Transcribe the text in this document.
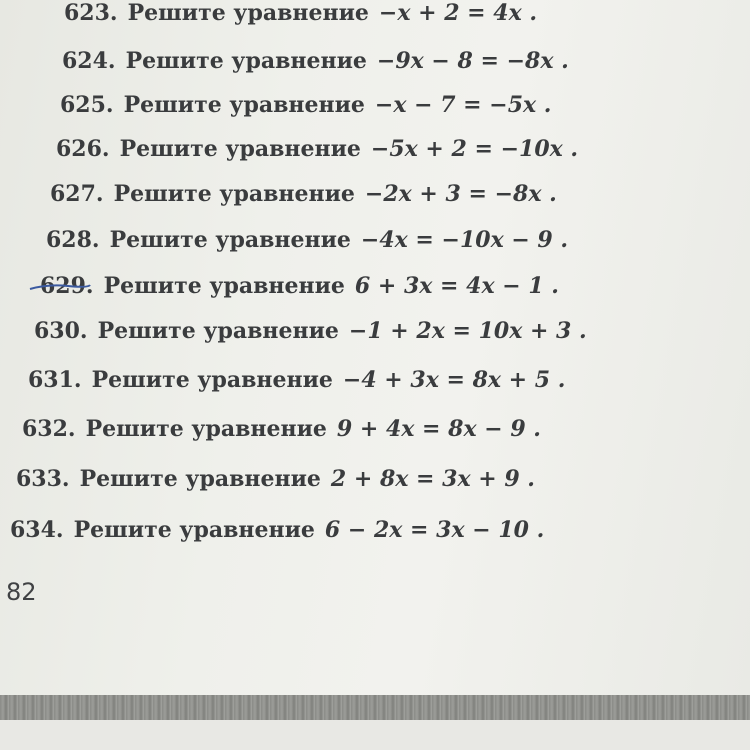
623. Решите уравнение −x + 2 = 4x .
624. Решите уравнение −9x − 8 = −8x .
625. Решите уравнение −x − 7 = −5x .
626. Решите уравнение −5x + 2 = −10x .
627. Решите уравнение −2x + 3 = −8x .
628. Решите уравнение −4x = −10x − 9 .
629. Решите уравнение 6 + 3x = 4x − 1 .
630. Решите уравнение −1 + 2x = 10x + 3 .
631. Решите уравнение −4 + 3x = 8x + 5 .
632. Решите уравнение 9 + 4x = 8x − 9 .
633. Решите уравнение 2 + 8x = 3x + 9 .
634. Решите уравнение 6 − 2x = 3x − 10 .
82
